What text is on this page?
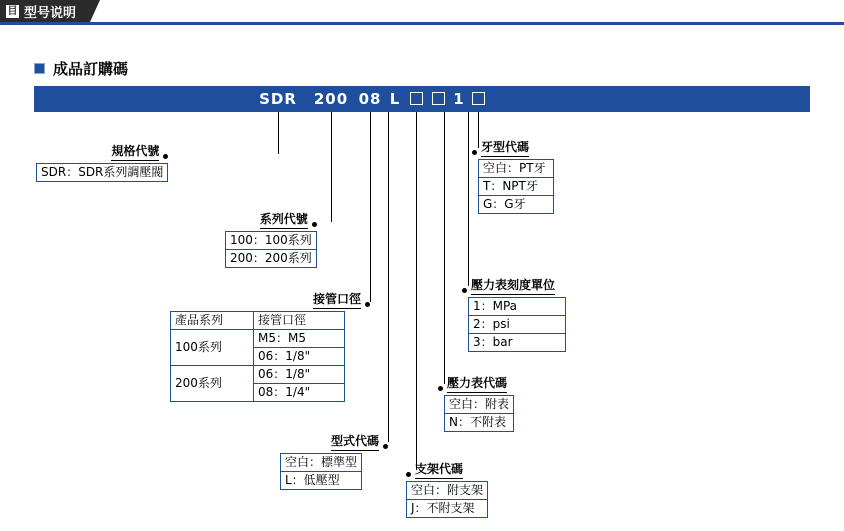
目 型号说明
成品訂購碼
SDR	200 08 L	1
規格代號
SDR：SDR系列調壓閥
系列代號
100：100系列
200：200系列
接管口徑
產品系列	接管口徑
100系列	M5：M5
	06：1/8"
200系列	06：1/8"
	08：1/4"
型式代碼
空白：標準型
L：低壓型
支架代碼
空白：附支架
J：不附支架
壓力表代碼
空白：附表
N：不附表
壓力表刻度單位
1：MPa
2：psi
3：bar
牙型代碼
空白：PT牙
T：NPT牙
G：G牙
